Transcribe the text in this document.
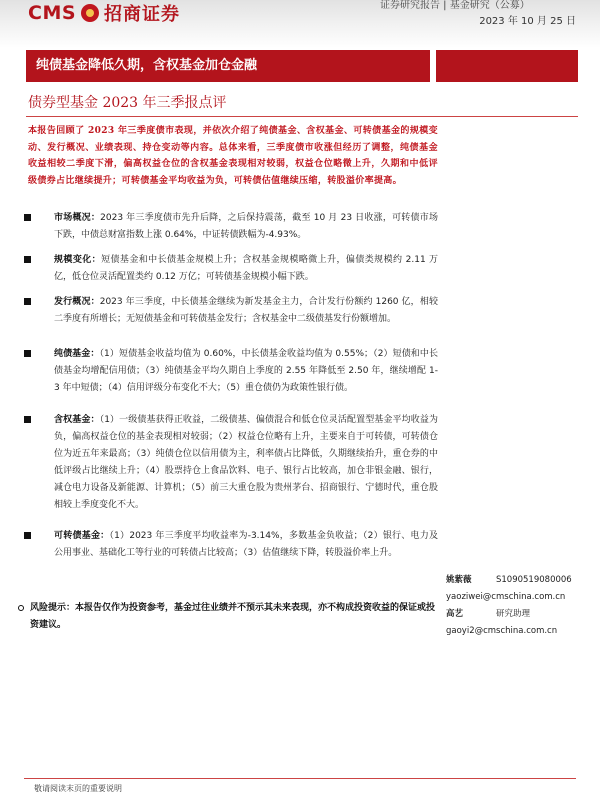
CMS 招商证券	证券研究报告 | 基金研究（公募）
2023 年 10 月 25 日
纯债基金降低久期，含权基金加仓金融
债券型基金 2023 年三季报点评
本报告回顾了 2023 年三季度债市表现，并依次介绍了纯债基金、含权基金、可转债基金的规模变动、发行概况、业绩表现、持仓变动等内容。总体来看，三季度债市收涨但经历了调整，纯债基金收益相较二季度下滑，偏高权益仓位的含权基金表现相对较弱，权益仓位略微上升，久期和中低评级债券占比继续提升；可转债基金平均收益为负，可转债估值继续压缩，转股溢价率提高。
市场概况：2023 年三季度债市先升后降，之后保持震荡，截至 10 月 23 日收涨，可转债市场下跌，中债总财富指数上涨 0.64%，中证转债跌幅为-4.93%。
规模变化：短债基金和中长债基金规模上升；含权基金规模略微上升，偏债类规模约 2.11 万亿，低仓位灵活配置类约 0.12 万亿；可转债基金规模小幅下跌。
发行概况：2023 年三季度，中长债基金继续为新发基金主力，合计发行份额约 1260 亿，相较二季度有所增长；无短债基金和可转债基金发行；含权基金中二级债基发行份额增加。
纯债基金：（1）短债基金收益均值为 0.60%，中长债基金收益均值为 0.55%；（2）短债和中长债基金均增配信用债；（3）纯债基金平均久期自上季度的 2.55 年降低至 2.50 年，继续增配 1-3 年中短债；（4）信用评级分布变化不大；（5）重仓债仍为政策性银行债。
含权基金：（1）一级债基获得正收益，二级债基、偏债混合和低仓位灵活配置型基金平均收益为负，偏高权益仓位的基金表现相对较弱；（2）权益仓位略有上升，主要来自于可转债，可转债仓位为近五年来最高；（3）纯债仓位以信用债为主，利率债占比降低，久期继续抬升，重仓券的中低评级占比继续上升；（4）股票持仓上食品饮料、电子、银行占比较高，加仓非银金融、银行，减仓电力设备及新能源、计算机；（5）前三大重仓股为贵州茅台、招商银行、宁德时代，重仓股相较上季度变化不大。
可转债基金：（1）2023 年三季度平均收益率为-3.14%，多数基金负收益；（2）银行、电力及公用事业、基础化工等行业的可转债占比较高；（3）估值继续下降，转股溢价率上升。
风险提示：本报告仅作为投资参考，基金过往业绩并不预示其未来表现，亦不构成投资收益的保证或投资建议。
姚紫薇	S1090519080006
yaoziwei@cmschina.com.cn
高艺	研究助理
gaoyi2@cmschina.com.cn
敬请阅读末页的重要说明
